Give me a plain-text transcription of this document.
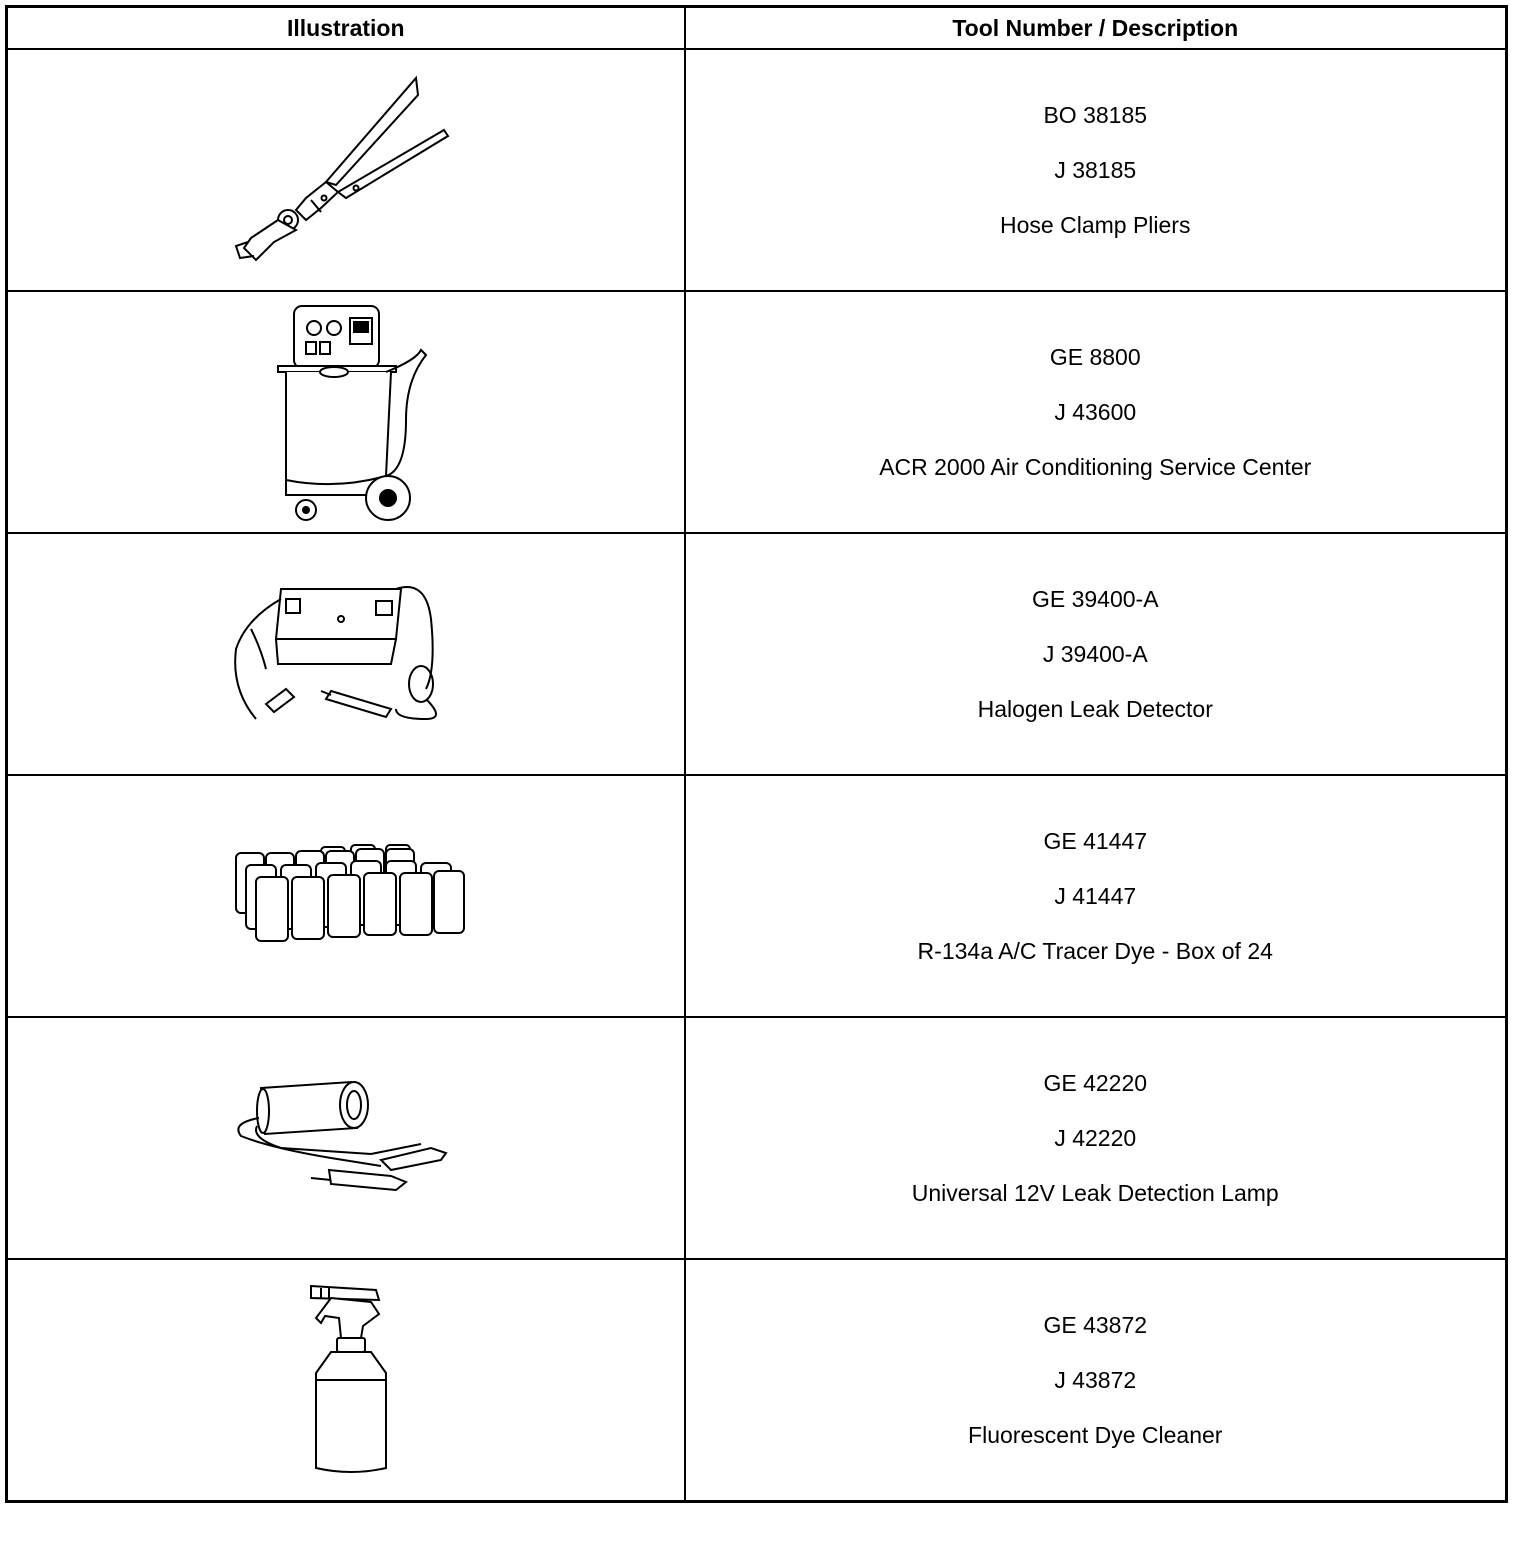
Illustration	Tool Number / Description

BO 38185
J 38185
Hose Clamp Pliers

GE 8800
J 43600
ACR 2000 Air Conditioning Service Center

GE 39400-A
J 39400-A
Halogen Leak Detector

GE 41447
J 41447
R-134a A/C Tracer Dye - Box of 24

GE 42220
J 42220
Universal 12V Leak Detection Lamp

GE 43872
J 43872
Fluorescent Dye Cleaner
